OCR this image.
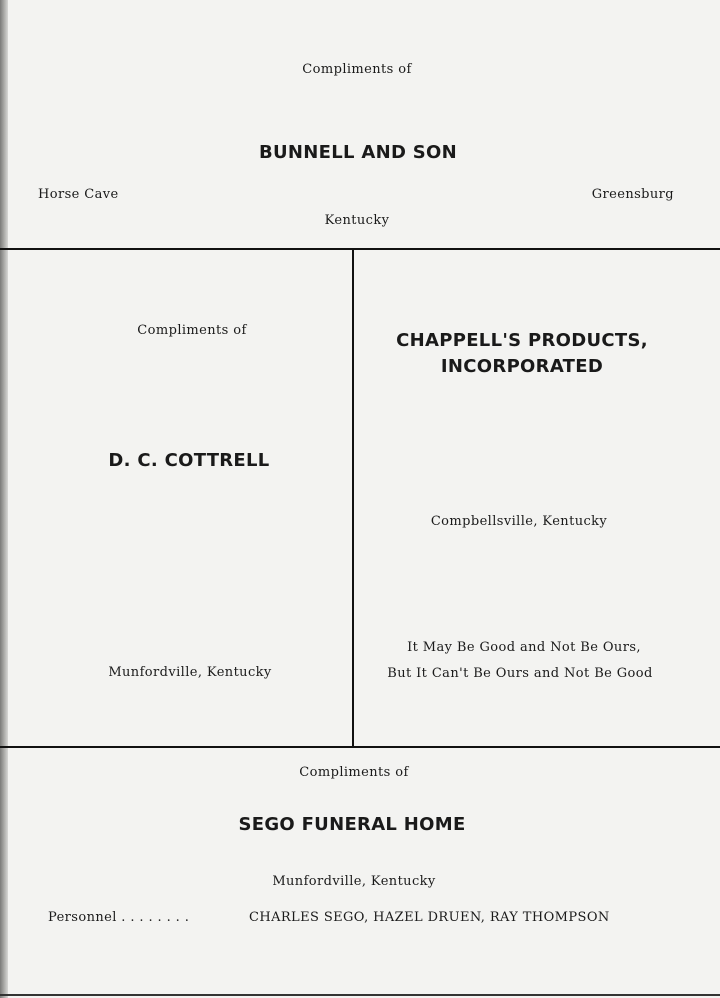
Compliments of
BUNNELL AND SON
Horse Cave	Greensburg
Kentucky
Compliments of
D. C. COTTRELL
Munfordville, Kentucky
CHAPPELL'S PRODUCTS,
INCORPORATED
Compbellsville, Kentucky
It May Be Good and Not Be Ours,
But It Can't Be Ours and Not Be Good
Compliments of
SEGO FUNERAL HOME
Munfordville, Kentucky
Personnel . . . . . . . .	CHARLES SEGO, HAZEL DRUEN, RAY THOMPSON
